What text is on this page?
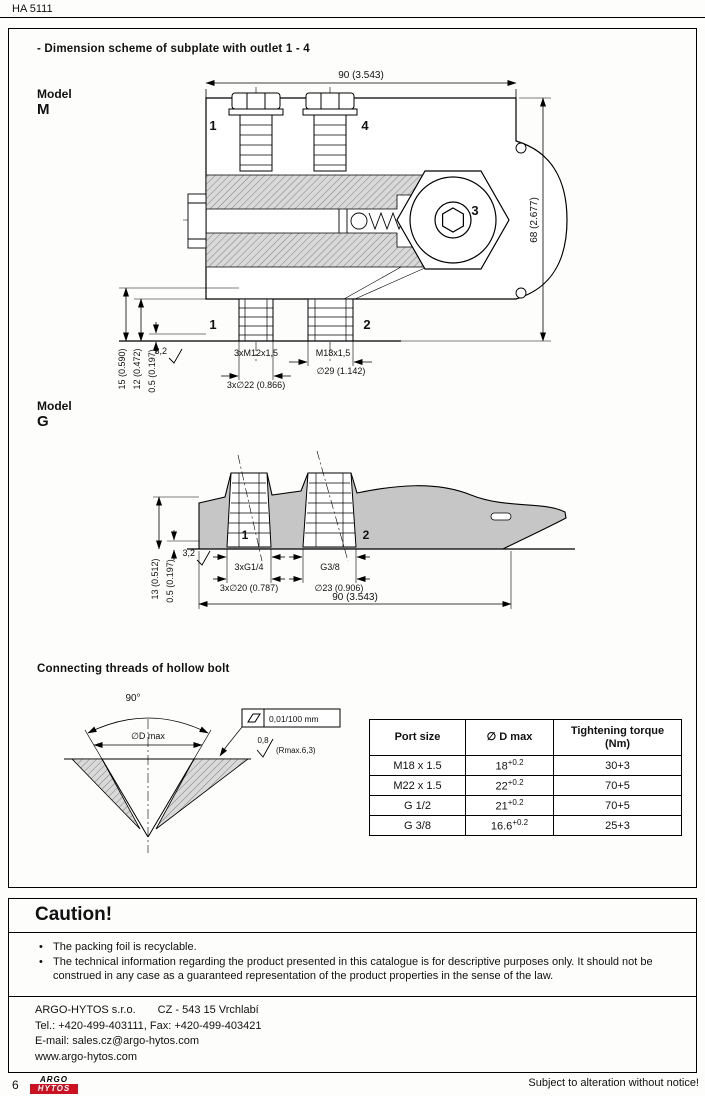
HA 5111
- Dimension scheme of subplate with outlet 1 - 4
Model
M
3
1	4
1	2
90 (3.543)
68 (2.677)
15 (0.590) 12 (0.472) 0.5 (0.197)
3,2	3xM12x1,5	M18x1,5
∅29 (1.142)
3x∅22 (0.866)
Model
G
1	2
13 (0.512) 0.5 (0.197)
3,2
3xG1/4	G3/8
3x∅20 (0.787)	∅23 (0.906)
90 (3.543)
Connecting threads of hollow bolt
90°
∅D max
0,01/100 mm
0,8
(Rmax.6,3)
Port size	∅ D max	Tightening torque
(Nm)
M18 x 1.5	$18^{+0.2}$	30+3
M22 x 1.5	$22^{+0.2}$	70+5
G 1/2	$21^{+0.2}$	70+5
G 3/8	$16.6^{+0.2}$	25+3
Caution!
•
The packing foil is recyclable.
•
The technical information regarding the product presented in this catalogue is for descriptive purposes only. It should not be construed in any case as a guaranteed representation of the product properties in the sense of the law.
ARGO-HYTOS s.r.o. CZ - 543 15 Vrchlabí
Tel.: +420-499-403111, Fax: +420-499-403421
E-mail: sales.cz@argo-hytos.com
www.argo-hytos.com
6	ARGO
HYTOS	Subject to alteration without notice!
